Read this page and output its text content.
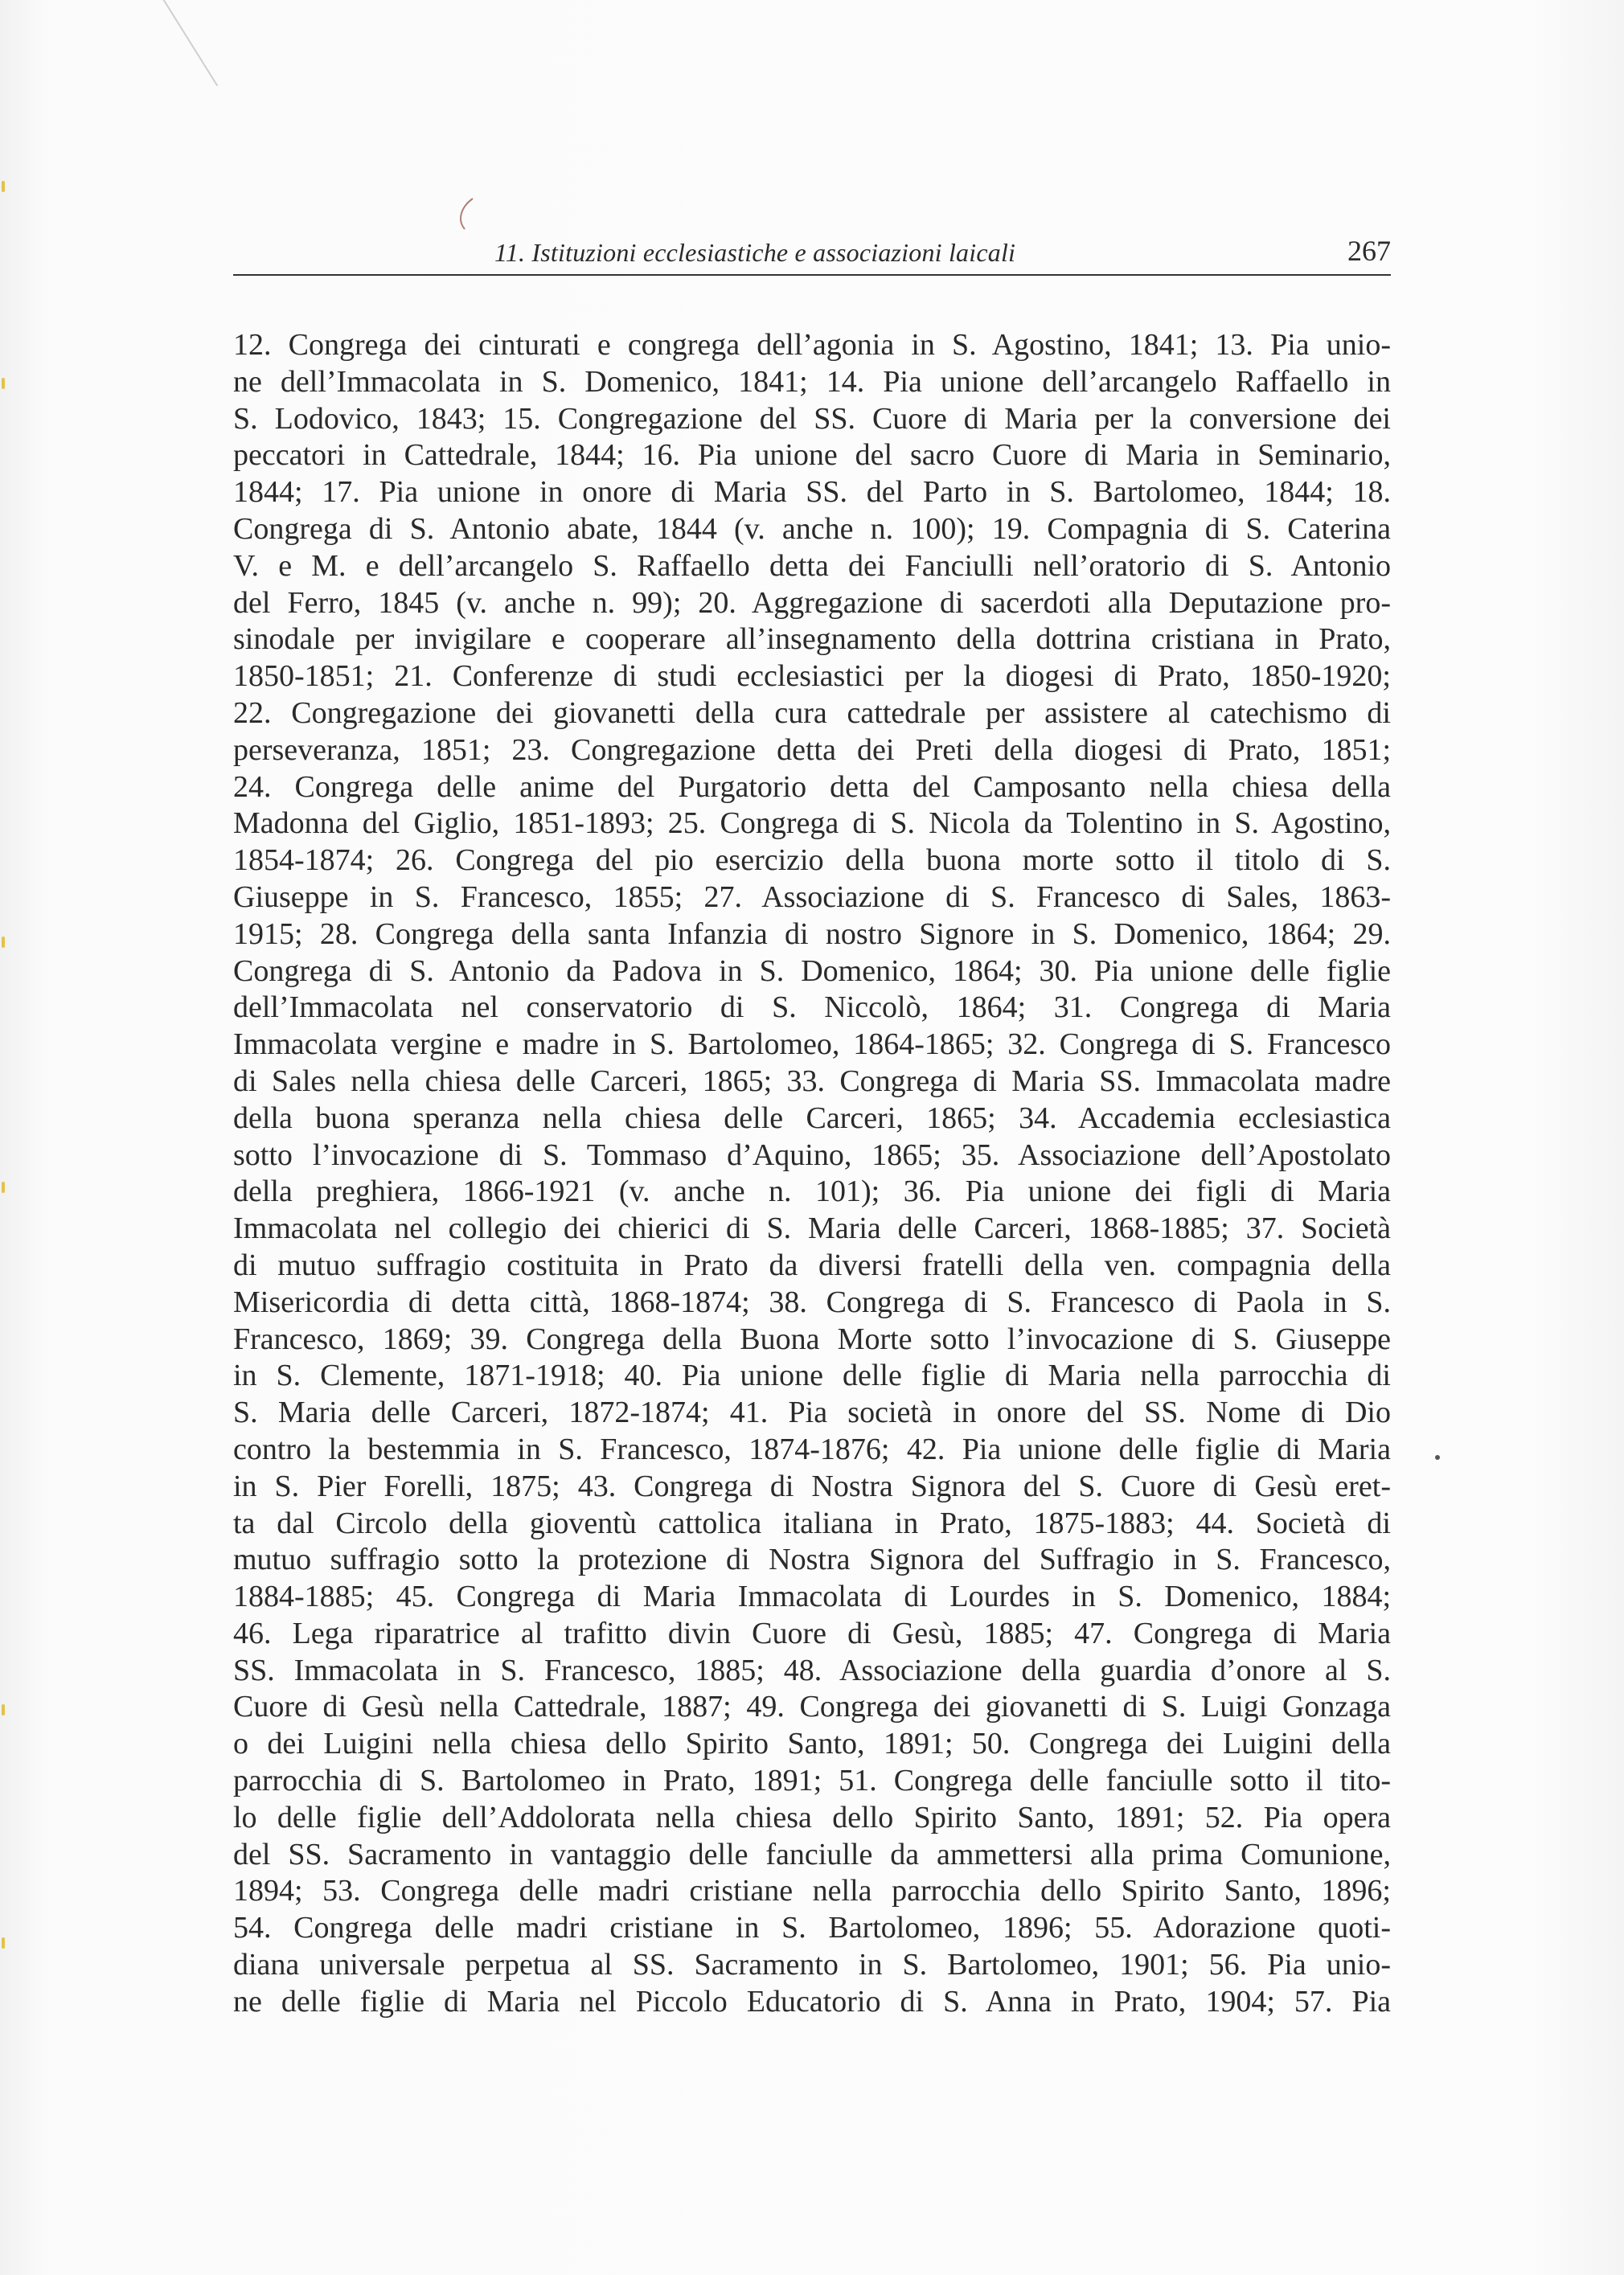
11. Istituzioni ecclesiastiche e associazioni laicali	267
12. Congrega dei cinturati e congrega dell’agonia in S. Agostino, 1841; 13. Pia unio-
ne dell’Immacolata in S. Domenico, 1841; 14. Pia unione dell’arcangelo Raffaello in
S. Lodovico, 1843; 15. Congregazione del SS. Cuore di Maria per la conversione dei
peccatori in Cattedrale, 1844; 16. Pia unione del sacro Cuore di Maria in Seminario,
1844; 17. Pia unione in onore di Maria SS. del Parto in S. Bartolomeo, 1844; 18.
Congrega di S. Antonio abate, 1844 (v. anche n. 100); 19. Compagnia di S. Caterina
V. e M. e dell’arcangelo S. Raffaello detta dei Fanciulli nell’oratorio di S. Antonio
del Ferro, 1845 (v. anche n. 99); 20. Aggregazione di sacerdoti alla Deputazione pro-
sinodale per invigilare e cooperare all’insegnamento della dottrina cristiana in Prato,
1850-1851; 21. Conferenze di studi ecclesiastici per la diogesi di Prato, 1850-1920;
22. Congregazione dei giovanetti della cura cattedrale per assistere al catechismo di
perseveranza, 1851; 23. Congregazione detta dei Preti della diogesi di Prato, 1851;
24. Congrega delle anime del Purgatorio detta del Camposanto nella chiesa della
Madonna del Giglio, 1851-1893; 25. Congrega di S. Nicola da Tolentino in S. Agostino,
1854-1874; 26. Congrega del pio esercizio della buona morte sotto il titolo di S.
Giuseppe in S. Francesco, 1855; 27. Associazione di S. Francesco di Sales, 1863-
1915; 28. Congrega della santa Infanzia di nostro Signore in S. Domenico, 1864; 29.
Congrega di S. Antonio da Padova in S. Domenico, 1864; 30. Pia unione delle figlie
dell’Immacolata nel conservatorio di S. Niccolò, 1864; 31. Congrega di Maria
Immacolata vergine e madre in S. Bartolomeo, 1864-1865; 32. Congrega di S. Francesco
di Sales nella chiesa delle Carceri, 1865; 33. Congrega di Maria SS. Immacolata madre
della buona speranza nella chiesa delle Carceri, 1865; 34. Accademia ecclesiastica
sotto l’invocazione di S. Tommaso d’Aquino, 1865; 35. Associazione dell’Apostolato
della preghiera, 1866-1921 (v. anche n. 101); 36. Pia unione dei figli di Maria
Immacolata nel collegio dei chierici di S. Maria delle Carceri, 1868-1885; 37. Società
di mutuo suffragio costituita in Prato da diversi fratelli della ven. compagnia della
Misericordia di detta città, 1868-1874; 38. Congrega di S. Francesco di Paola in S.
Francesco, 1869; 39. Congrega della Buona Morte sotto l’invocazione di S. Giuseppe
in S. Clemente, 1871-1918; 40. Pia unione delle figlie di Maria nella parrocchia di
S. Maria delle Carceri, 1872-1874; 41. Pia società in onore del SS. Nome di Dio
contro la bestemmia in S. Francesco, 1874-1876; 42. Pia unione delle figlie di Maria
in S. Pier Forelli, 1875; 43. Congrega di Nostra Signora del S. Cuore di Gesù eret-
ta dal Circolo della gioventù cattolica italiana in Prato, 1875-1883; 44. Società di
mutuo suffragio sotto la protezione di Nostra Signora del Suffragio in S. Francesco,
1884-1885; 45. Congrega di Maria Immacolata di Lourdes in S. Domenico, 1884;
46. Lega riparatrice al trafitto divin Cuore di Gesù, 1885; 47. Congrega di Maria
SS. Immacolata in S. Francesco, 1885; 48. Associazione della guardia d’onore al S.
Cuore di Gesù nella Cattedrale, 1887; 49. Congrega dei giovanetti di S. Luigi Gonzaga
o dei Luigini nella chiesa dello Spirito Santo, 1891; 50. Congrega dei Luigini della
parrocchia di S. Bartolomeo in Prato, 1891; 51. Congrega delle fanciulle sotto il tito-
lo delle figlie dell’Addolorata nella chiesa dello Spirito Santo, 1891; 52. Pia opera
del SS. Sacramento in vantaggio delle fanciulle da ammettersi alla prima Comunione,
1894; 53. Congrega delle madri cristiane nella parrocchia dello Spirito Santo, 1896;
54. Congrega delle madri cristiane in S. Bartolomeo, 1896; 55. Adorazione quoti-
diana universale perpetua al SS. Sacramento in S. Bartolomeo, 1901; 56. Pia unio-
ne delle figlie di Maria nel Piccolo Educatorio di S. Anna in Prato, 1904; 57. Pia
